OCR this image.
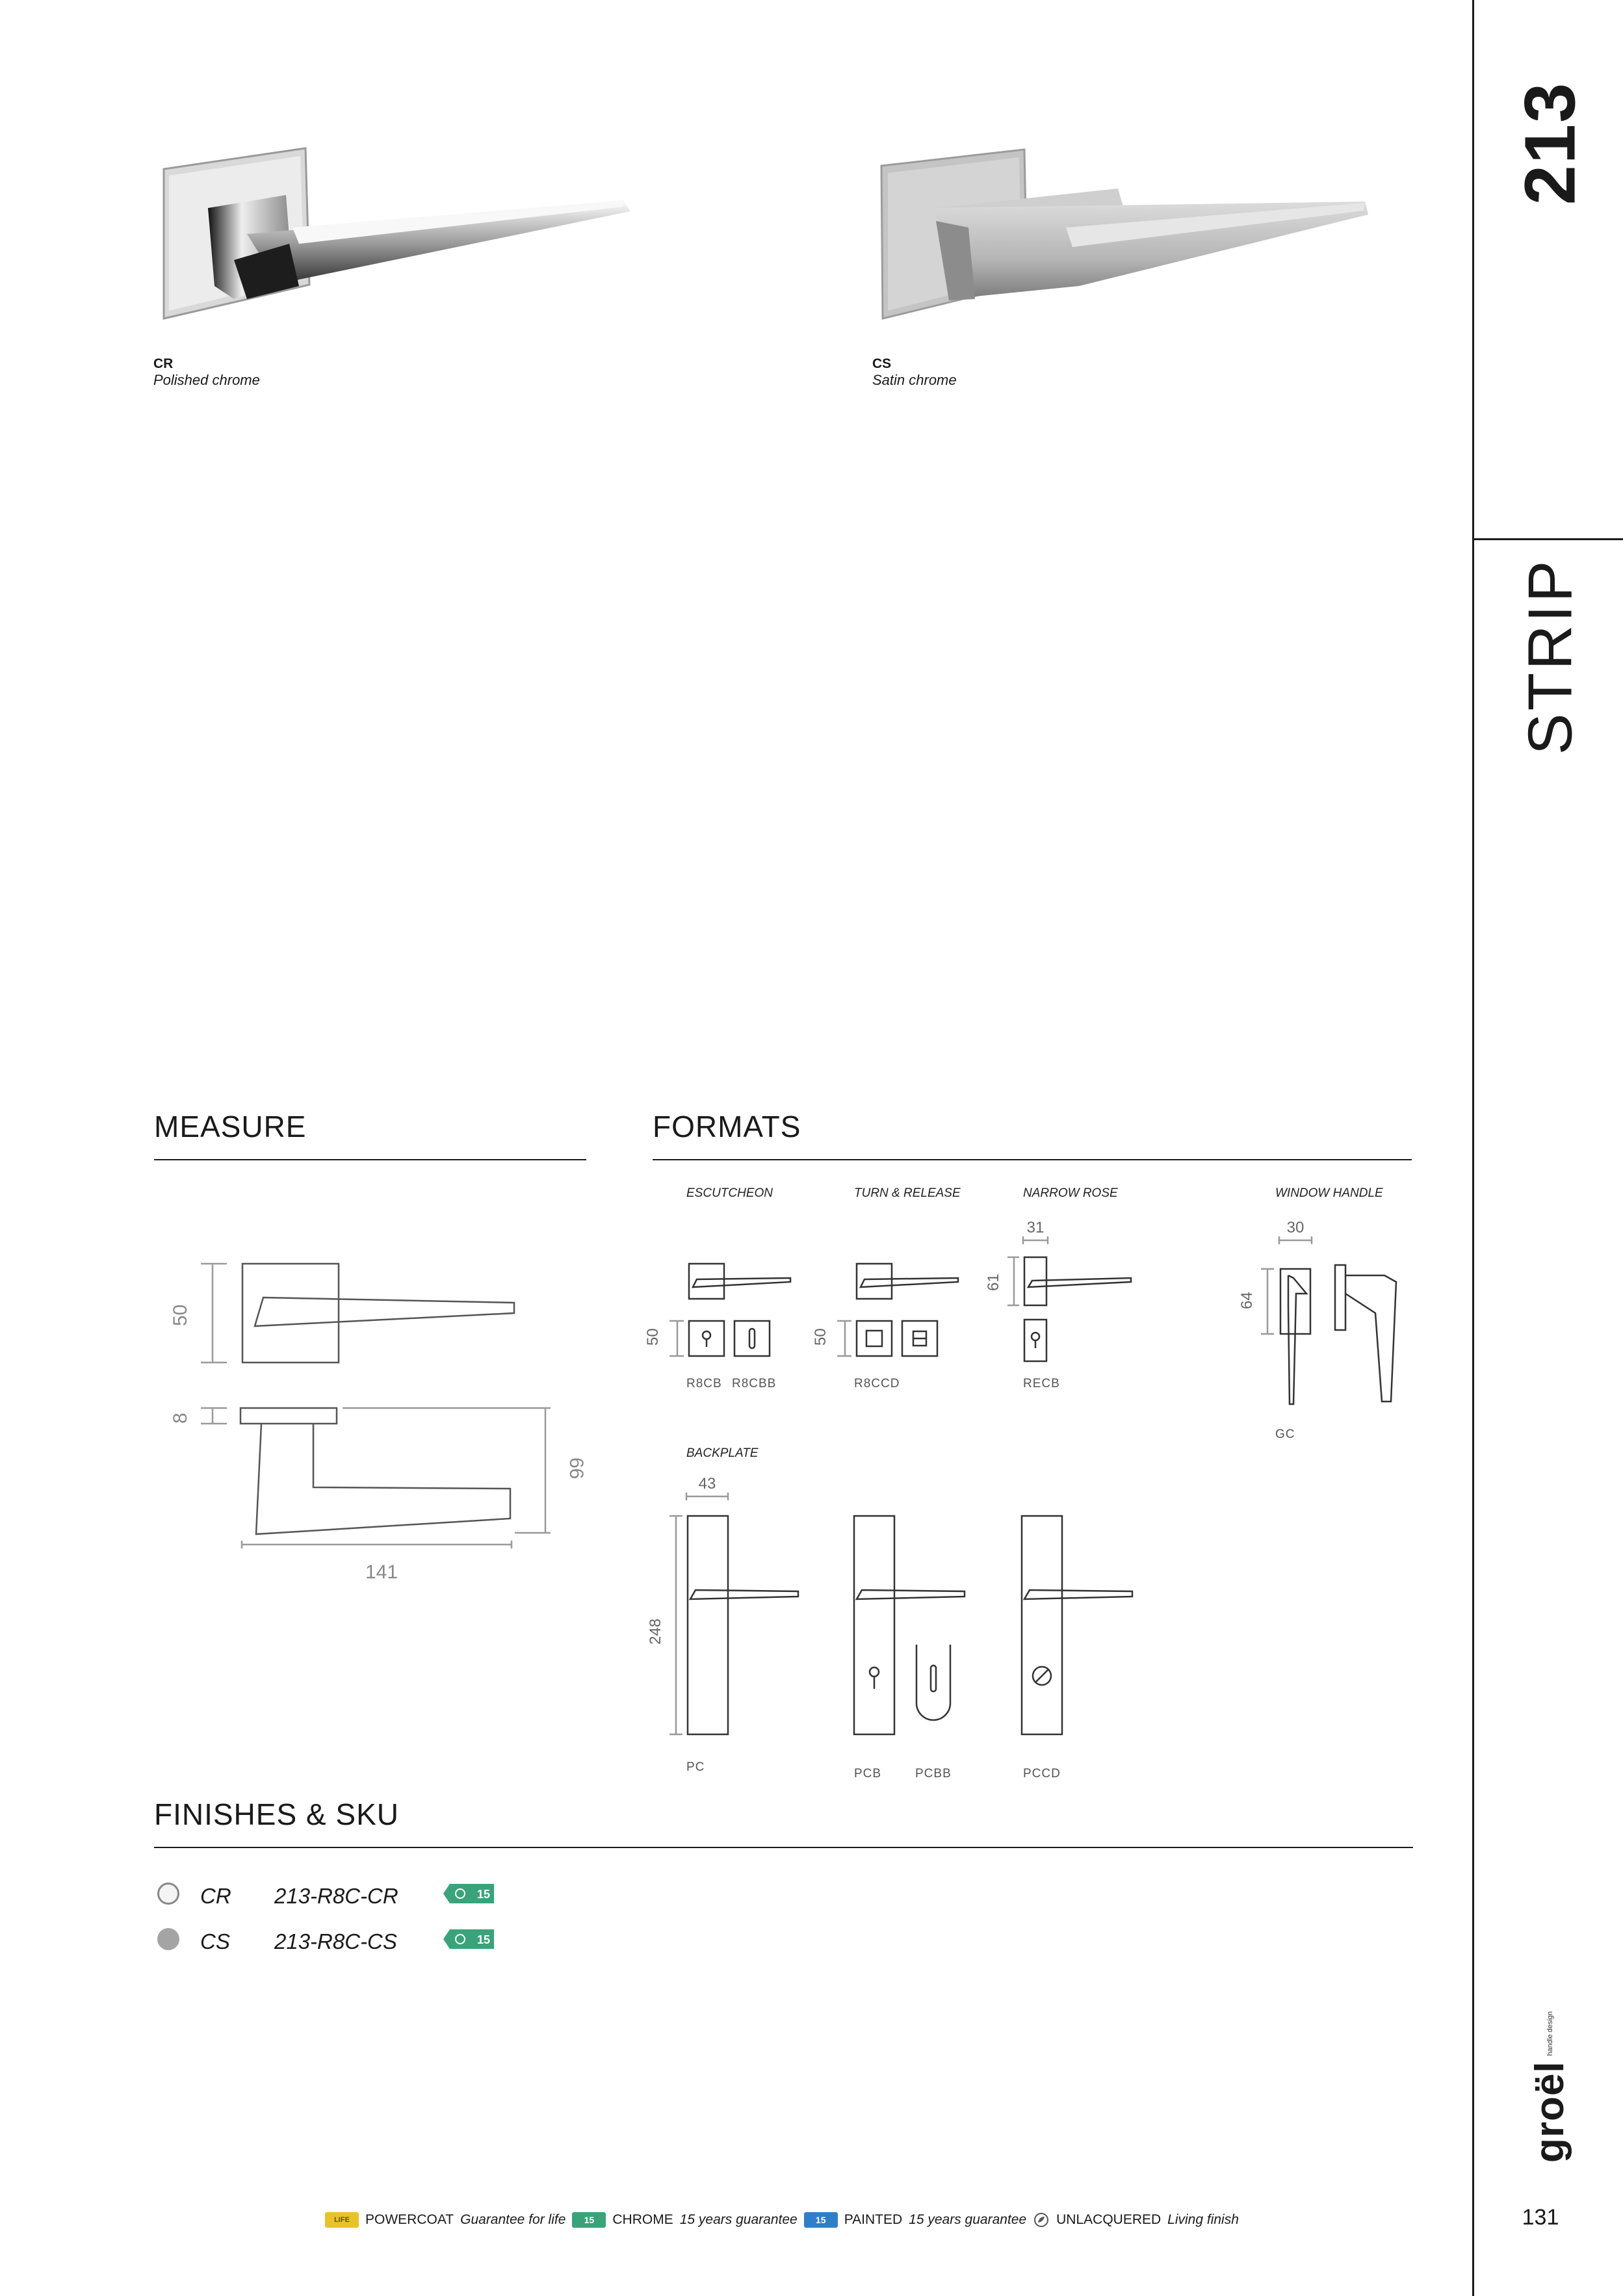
213
STRIP
groël
handle design
131
CR
Polished chrome
CS
Satin chrome
MEASURE
50
8
66
141
FORMATS
ESCUTCHEON	TURN & RELEASE	NARROW ROSE	WINDOW HANDLE
BACKPLATE
50
R8CB R8CBB
50
R8CCD
31
61
RECB
30
64
GC
43
248
PC	PCB	PCBB	PCCD
FINISHES & SKU
CR 213-R8C-CR	15
CS 213-R8C-CS	15
LIFE	POWERCOAT Guarantee for life	15	CHROME 15 years guarantee	15	PAINTED 15 years guarantee UNLACQUERED Living finish
